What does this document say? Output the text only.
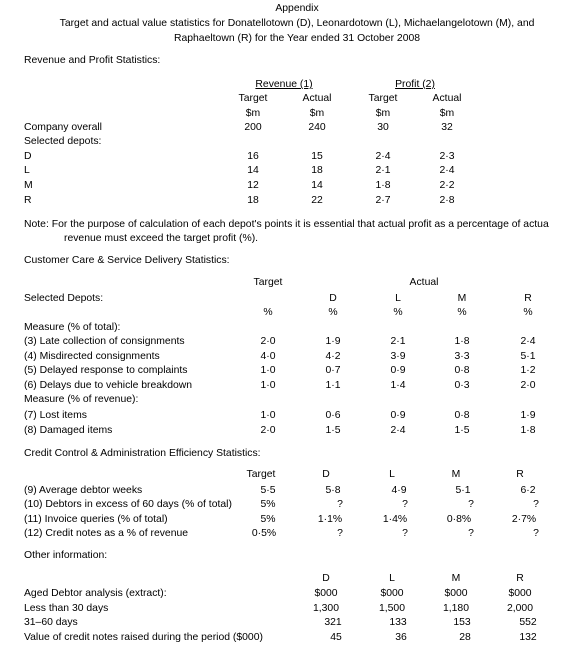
Appendix
Target and actual value statistics for Donatellotown (D), Leonardotown (L), Michaelangelotown (M), and
Raphaeltown (R) for the Year ended 31 October 2008
Revenue and Profit Statistics:
Revenue (1)	Profit (2)
Target	Actual	Target	Actual
$m	$m	$m	$m
Company overall	200	240	30	32
Selected depots:
D	16	15	2·4	2·3
L	14	18	2·1	2·4
M	12	14	1·8	2·2
R	18	22	2·7	2·8
Note: For the purpose of calculation of each depot's points it is essential that actual profit as a percentage of actua
revenue must exceed the target profit (%).
Customer Care & Service Delivery Statistics:
Target	Actual
Selected Depots:	D	L	M	R
%	%	%	%	%
Measure (% of total):
(3) Late collection of consignments	2·0	1·9	2·1	1·8	2·4
(4) Misdirected consignments	4·0	4·2	3·9	3·3	5·1
(5) Delayed response to complaints	1·0	0·7	0·9	0·8	1·2
(6) Delays due to vehicle breakdown	1·0	1·1	1·4	0·3	2·0
Measure (% of revenue):
(7) Lost items	1·0	0·6	0·9	0·8	1·9
(8) Damaged items	2·0	1·5	2·4	1·5	1·8
Credit Control & Administration Efficiency Statistics:
Target	D	L	M	R
(9) Average debtor weeks	5·5	5·8	4·9	5·1	6·2
(10) Debtors in excess of 60 days (% of total)	5%	?	?	?	?
(11) Invoice queries (% of total)	5%	1·1%	1·4%	0·8%	2·7%
(12) Credit notes as a % of revenue	0·5%	?	?	?	?
Other information:
D	L	M	R
Aged Debtor analysis (extract):	$000	$000	$000	$000
Less than 30 days	1,300	1,500	1,180	2,000
31–60 days	321	133	153	552
Value of credit notes raised during the period ($000)	45	36	28	132
